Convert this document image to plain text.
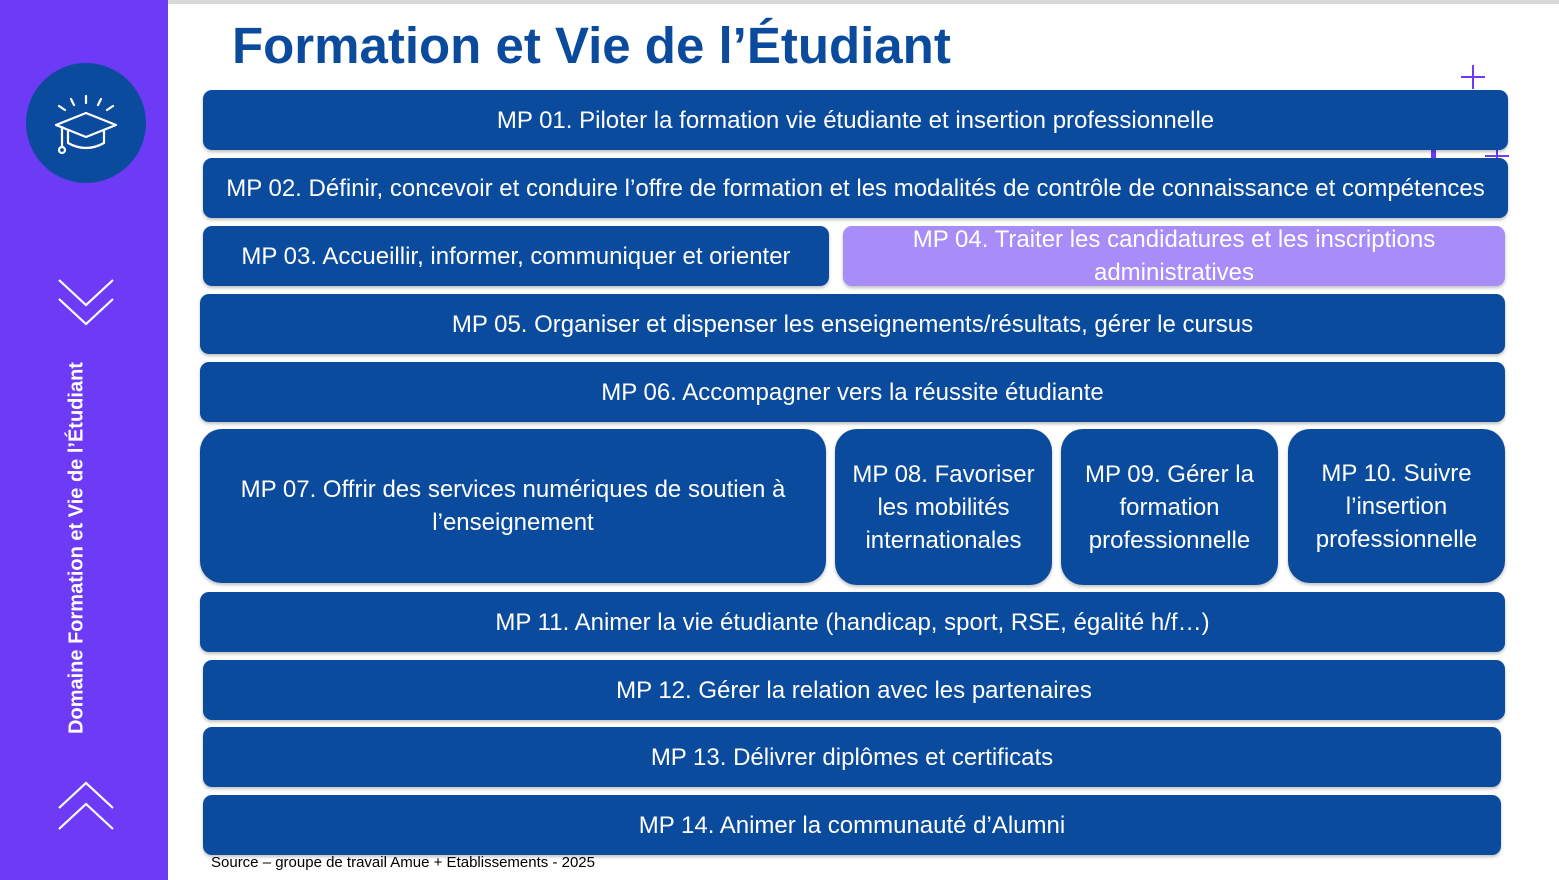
Domaine Formation et Vie de l’Étudiant
Formation et Vie de l’Étudiant
MP 01. Piloter la formation vie étudiante et insertion professionnelle
MP 02. Définir, concevoir et conduire l’offre de formation et les modalités de contrôle de connaissance et compétences
MP 03. Accueillir, informer, communiquer et orienter
MP 04. Traiter les candidatures et les inscriptions administratives
MP 05. Organiser et dispenser les enseignements/résultats, gérer le cursus
MP 06. Accompagner vers la réussite étudiante
MP 07. Offrir des services numériques de soutien à l’enseignement
MP 08. Favoriser les mobilités internationales
MP 09. Gérer la formation professionnelle
MP 10. Suivre l’insertion professionnelle
MP 11. Animer la vie étudiante (handicap, sport, RSE, égalité h/f…)
MP 12. Gérer la relation avec les partenaires
MP 13. Délivrer diplômes et certificats
MP 14. Animer la communauté d’Alumni
Source – groupe de travail Amue + Etablissements - 2025
